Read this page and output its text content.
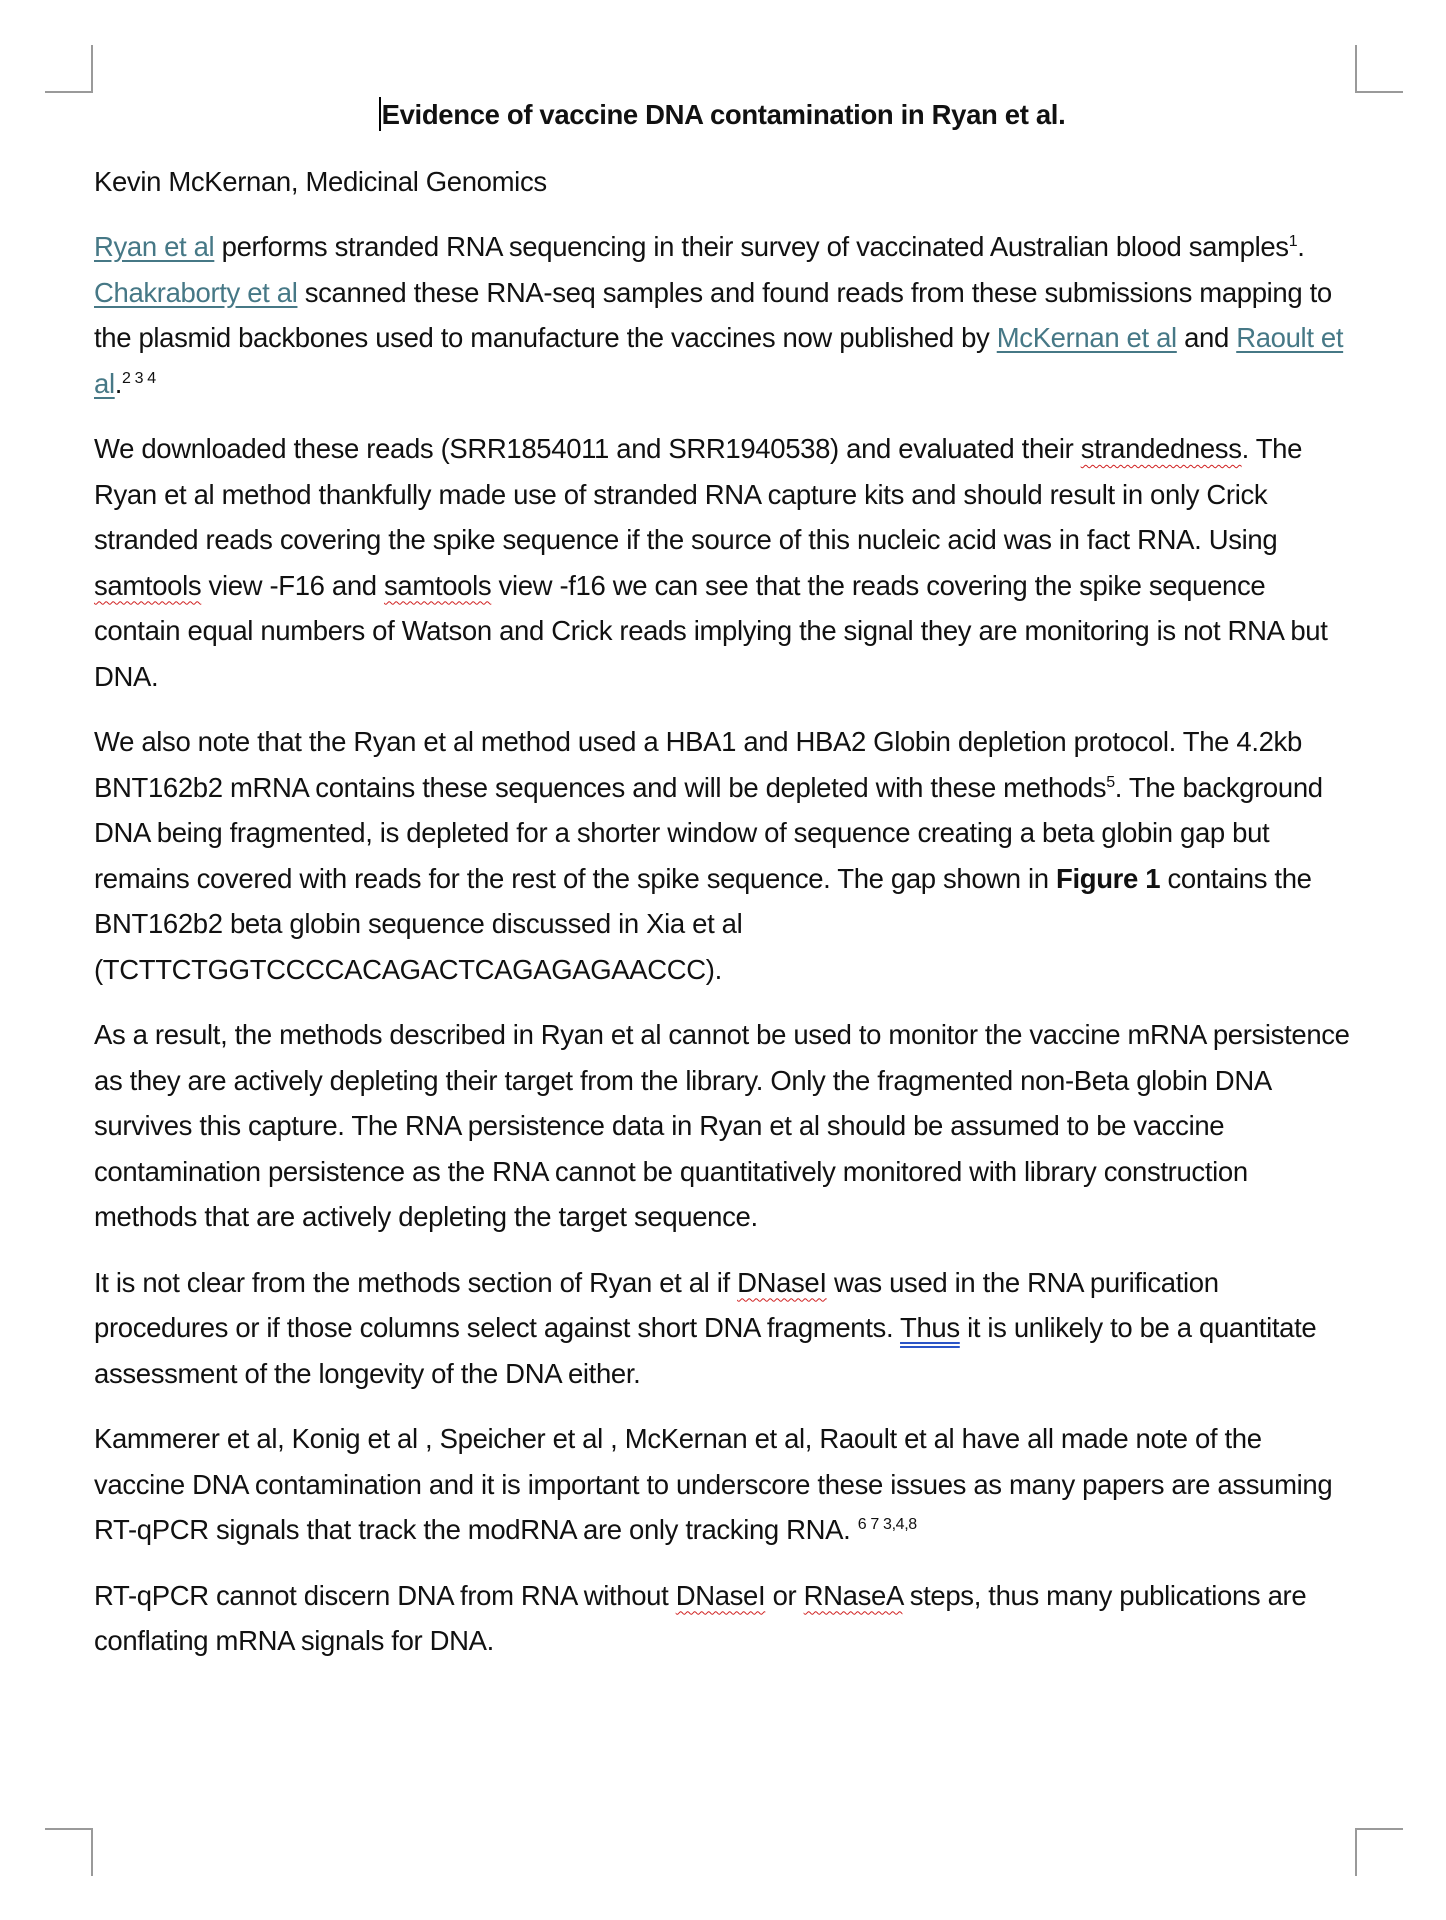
Evidence of vaccine DNA contamination in Ryan et al.

Kevin McKernan, Medicinal Genomics

Ryan et al performs stranded RNA sequencing in their survey of vaccinated Australian blood samples$^1$. Chakraborty et al scanned these RNA-seq samples and found reads from these submissions mapping to the plasmid backbones used to manufacture the vaccines now published by McKernan et al and Raoult et al.$^{2 3 4}$

We downloaded these reads (SRR1854011 and SRR1940538) and evaluated their strandedness. The Ryan et al method thankfully made use of stranded RNA capture kits and should result in only Crick stranded reads covering the spike sequence if the source of this nucleic acid was in fact RNA. Using samtools view -F16 and samtools view -f16 we can see that the reads covering the spike sequence contain equal numbers of Watson and Crick reads implying the signal they are monitoring is not RNA but DNA.

We also note that the Ryan et al method used a HBA1 and HBA2 Globin depletion protocol. The 4.2kb BNT162b2 mRNA contains these sequences and will be depleted with these methods$^5$. The background DNA being fragmented, is depleted for a shorter window of sequence creating a beta globin gap but remains covered with reads for the rest of the spike sequence. The gap shown in Figure 1 contains the BNT162b2 beta globin sequence discussed in Xia et al (TCTTCTGGTCCCCACAGACTCAGAGAGAACCC).

As a result, the methods described in Ryan et al cannot be used to monitor the vaccine mRNA persistence as they are actively depleting their target from the library. Only the fragmented non-Beta globin DNA survives this capture. The RNA persistence data in Ryan et al should be assumed to be vaccine contamination persistence as the RNA cannot be quantitatively monitored with library construction methods that are actively depleting the target sequence.

It is not clear from the methods section of Ryan et al if DNaseI was used in the RNA purification procedures or if those columns select against short DNA fragments. Thus it is unlikely to be a quantitate assessment of the longevity of the DNA either.

Kammerer et al, Konig et al , Speicher et al , McKernan et al, Raoult et al have all made note of the vaccine DNA contamination and it is important to underscore these issues as many papers are assuming RT-qPCR signals that track the modRNA are only tracking RNA. $^{6 7 3,4,8}$

RT-qPCR cannot discern DNA from RNA without DNaseI or RNaseA steps, thus many publications are conflating mRNA signals for DNA.
